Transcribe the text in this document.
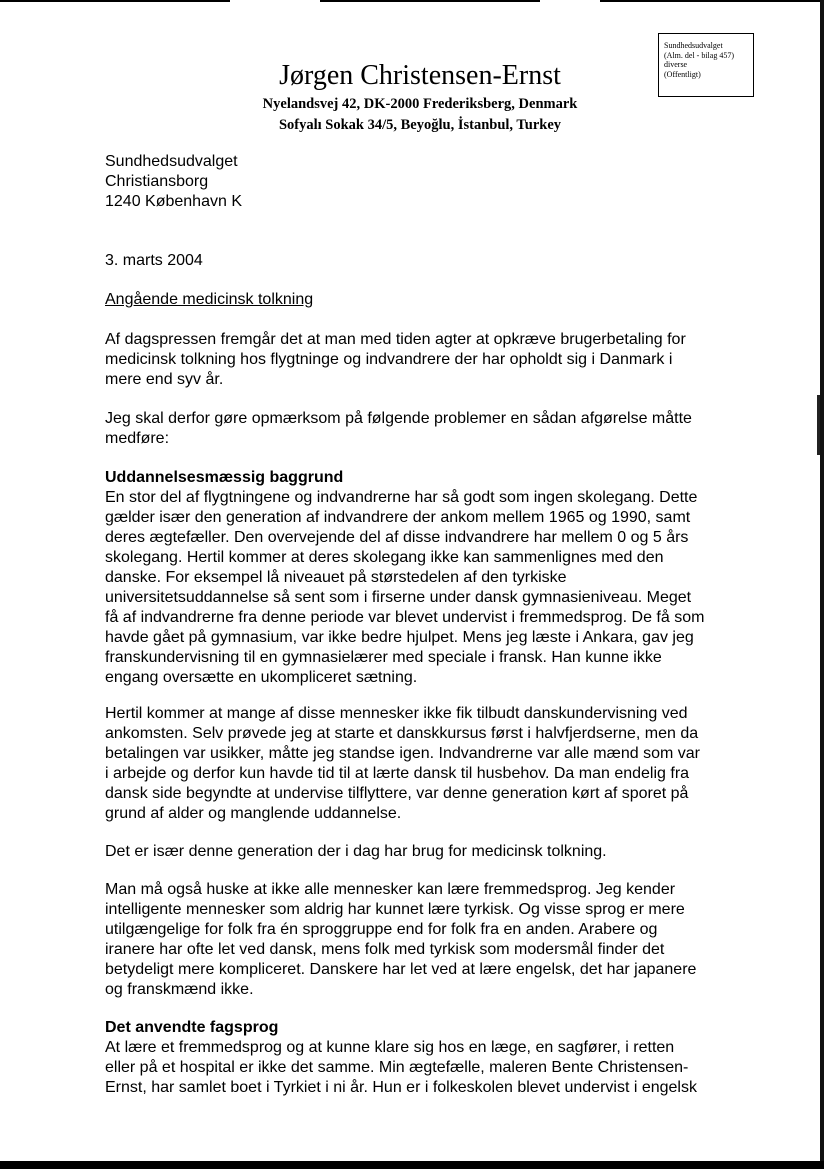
Sundhedsudvalget
(Alm. del - bilag 457)
diverse
(Offentligt)
Jørgen Christensen-Ernst
Nyelandsvej 42, DK-2000 Frederiksberg, Denmark
Sofyalı Sokak 34/5, Beyoğlu, İstanbul, Turkey
Sundhedsudvalget
Christiansborg
1240 København K
3. marts 2004
Angående medicinsk tolkning
Af dagspressen fremgår det at man med tiden agter at opkræve brugerbetaling for
medicinsk tolkning hos flygtninge og indvandrere der har opholdt sig i Danmark i
mere end syv år.
Jeg skal derfor gøre opmærksom på følgende problemer en sådan afgørelse måtte
medføre:
Uddannelsesmæssig baggrund
En stor del af flygtningene og indvandrerne har så godt som ingen skolegang. Dette
gælder især den generation af indvandrere der ankom mellem 1965 og 1990, samt
deres ægtefæller. Den overvejende del af disse indvandrere har mellem 0 og 5 års
skolegang. Hertil kommer at deres skolegang ikke kan sammenlignes med den
danske. For eksempel lå niveauet på størstedelen af den tyrkiske
universitetsuddannelse så sent som i firserne under dansk gymnasieniveau. Meget
få af indvandrerne fra denne periode var blevet undervist i fremmedsprog. De få som
havde gået på gymnasium, var ikke bedre hjulpet. Mens jeg læste i Ankara, gav jeg
franskundervisning til en gymnasielærer med speciale i fransk. Han kunne ikke
engang oversætte en ukompliceret sætning.
Hertil kommer at mange af disse mennesker ikke fik tilbudt danskundervisning ved
ankomsten. Selv prøvede jeg at starte et danskkursus først i halvfjerdserne, men da
betalingen var usikker, måtte jeg standse igen. Indvandrerne var alle mænd som var
i arbejde og derfor kun havde tid til at lærte dansk til husbehov. Da man endelig fra
dansk side begyndte at undervise tilflyttere, var denne generation kørt af sporet på
grund af alder og manglende uddannelse.
Det er især denne generation der i dag har brug for medicinsk tolkning.
Man må også huske at ikke alle mennesker kan lære fremmedsprog. Jeg kender
intelligente mennesker som aldrig har kunnet lære tyrkisk. Og visse sprog er mere
utilgængelige for folk fra én sproggruppe end for folk fra en anden. Arabere og
iranere har ofte let ved dansk, mens folk med tyrkisk som modersmål finder det
betydeligt mere kompliceret. Danskere har let ved at lære engelsk, det har japanere
og franskmænd ikke.
Det anvendte fagsprog
At lære et fremmedsprog og at kunne klare sig hos en læge, en sagfører, i retten
eller på et hospital er ikke det samme. Min ægtefælle, maleren Bente Christensen-
Ernst, har samlet boet i Tyrkiet i ni år. Hun er i folkeskolen blevet undervist i engelsk
